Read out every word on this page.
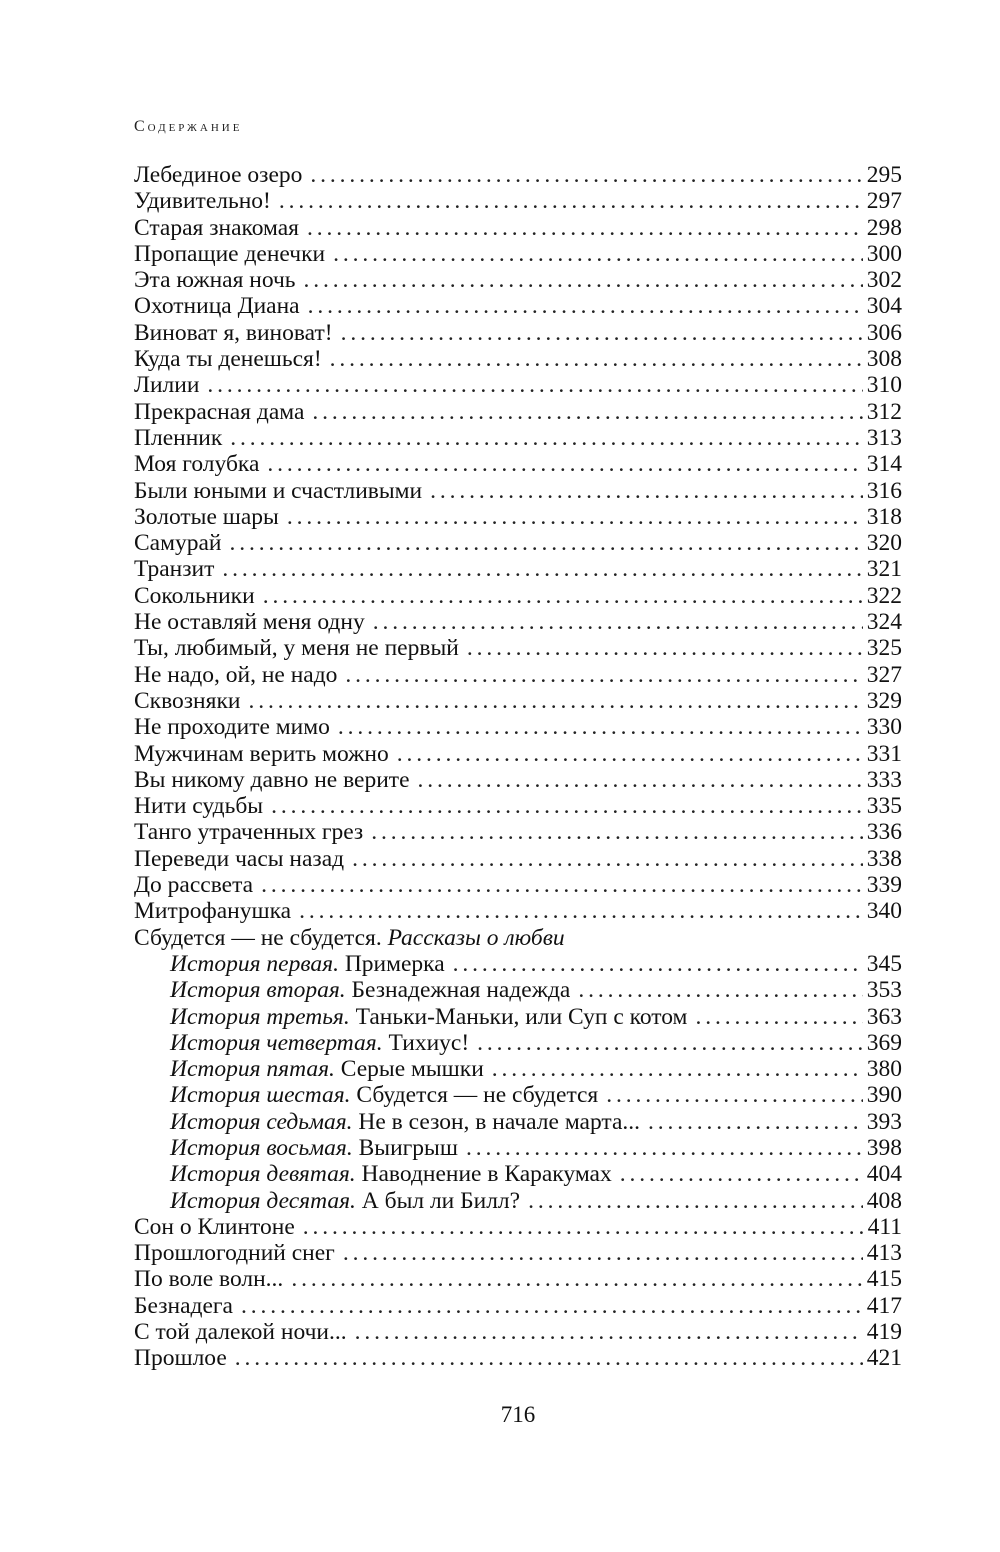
Содержание
Лебединое озеро . . .	295
Удивительно! . . .	297
Старая знакомая . . .	298
Пропащие денечки . . .	300
Эта южная ночь . . .	302
Охотница Диана . . .	304
Виноват я, виноват! . . .	306
Куда ты денешься! . . .	308
Лилии . . .	310
Прекрасная дама . . .	312
Пленник . . .	313
Моя голубка . . .	314
Были юными и счастливыми . . .	316
Золотые шары . . .	318
Самурай . . .	320
Транзит . . .	321
Сокольники . . .	322
Не оставляй меня одну . . .	324
Ты, любимый, у меня не первый . . .	325
Не надо, ой, не надо . . .	327
Сквозняки . . .	329
Не проходите мимо . . .	330
Мужчинам верить можно . . .	331
Вы никому давно не верите . . .	333
Нити судьбы . . .	335
Танго утраченных грез . . .	336
Переведи часы назад . . .	338
До рассвета . . .	339
Митрофанушка . . .	340
Сбудется — не сбудется. Рассказы о любви
История первая. Примерка . . .	345
История вторая. Безнадежная надежда . . .	353
История третья. Таньки-Маньки, или Суп с котом . . .	363
История четвертая. Тихиус! . . .	369
История пятая. Серые мышки . . .	380
История шестая. Сбудется — не сбудется . . .	390
История седьмая. Не в сезон, в начале марта... . . .	393
История восьмая. Выигрыш . . .	398
История девятая. Наводнение в Каракумах . . .	404
История десятая. А был ли Билл? . . .	408
Сон о Клинтоне . . .	411
Прошлогодний снег . . .	413
По воле волн... . . .	415
Безнадега . . .	417
С той далекой ночи... . . .	419
Прошлое . . .	421
716
